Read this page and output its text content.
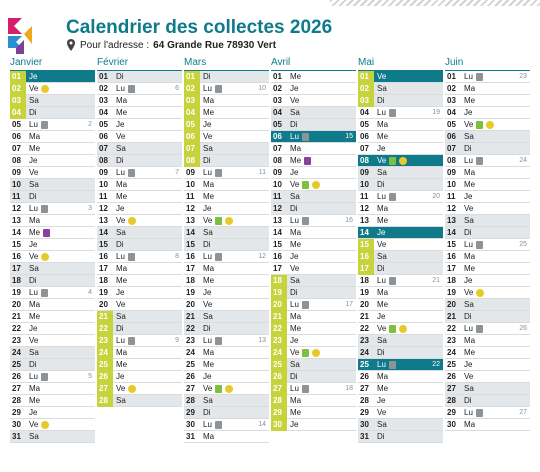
Calendrier des collectes 2026
Pour l'adresse : 64 Grande Rue 78930 Vert
Janvier
01	Je
02	Ve
03	Sa
04	Di
05	Lu	2
06	Ma
07	Me
08	Je
09	Ve
10	Sa
11	Di
12	Lu	3
13	Ma
14	Me
15	Je
16	Ve
17	Sa
18	Di
19	Lu	4
20	Ma
21	Me
22	Je
23	Ve
24	Sa
25	Di
26	Lu	5
27	Ma
28	Me
29	Je
30	Ve
31	Sa
Février
01	Di
02	Lu	6
03	Ma
04	Me
05	Je
06	Ve
07	Sa
08	Di
09	Lu	7
10	Ma
11	Me
12	Je
13	Ve
14	Sa
15	Di
16	Lu	8
17	Ma
18	Me
19	Je
20	Ve
21	Sa
22	Di
23	Lu	9
24	Ma
25	Me
26	Je
27	Ve
28	Sa
Mars
01	Di
02	Lu	10
03	Ma
04	Me
05	Je
06	Ve
07	Sa
08	Di
09	Lu	11
10	Ma
11	Me
12	Je
13	Ve
14	Sa
15	Di
16	Lu	12
17	Ma
18	Me
19	Je
20	Ve
21	Sa
22	Di
23	Lu	13
24	Ma
25	Me
26	Je
27	Ve
28	Sa
29	Di
30	Lu	14
31	Ma
Avril
01	Me
02	Je
03	Ve
04	Sa
05	Di
06	Lu	15
07	Ma
08	Me
09	Je
10	Ve
11	Sa
12	Di
13	Lu	16
14	Ma
15	Me
16	Je
17	Ve
18	Sa
19	Di
20	Lu	17
21	Ma
22	Me
23	Je
24	Ve
25	Sa
26	Di
27	Lu	18
28	Ma
29	Me
30	Je
Mai
01	Ve
02	Sa
03	Di
04	Lu	19
05	Ma
06	Me
07	Je
08	Ve
09	Sa
10	Di
11	Lu	20
12	Ma
13	Me
14	Je
15	Ve
16	Sa
17	Di
18	Lu	21
19	Ma
20	Me
21	Je
22	Ve
23	Sa
24	Di
25	Lu	22
26	Ma
27	Me
28	Je
29	Ve
30	Sa
31	Di
Juin
01	Lu	23
02	Ma
03	Me
04	Je
05	Ve
06	Sa
07	Di
08	Lu	24
09	Ma
10	Me
11	Je
12	Ve
13	Sa
14	Di
15	Lu	25
16	Ma
17	Me
18	Je
19	Ve
20	Sa
21	Di
22	Lu	26
23	Ma
24	Me
25	Je
26	Ve
27	Sa
28	Di
29	Lu	27
30	Ma
